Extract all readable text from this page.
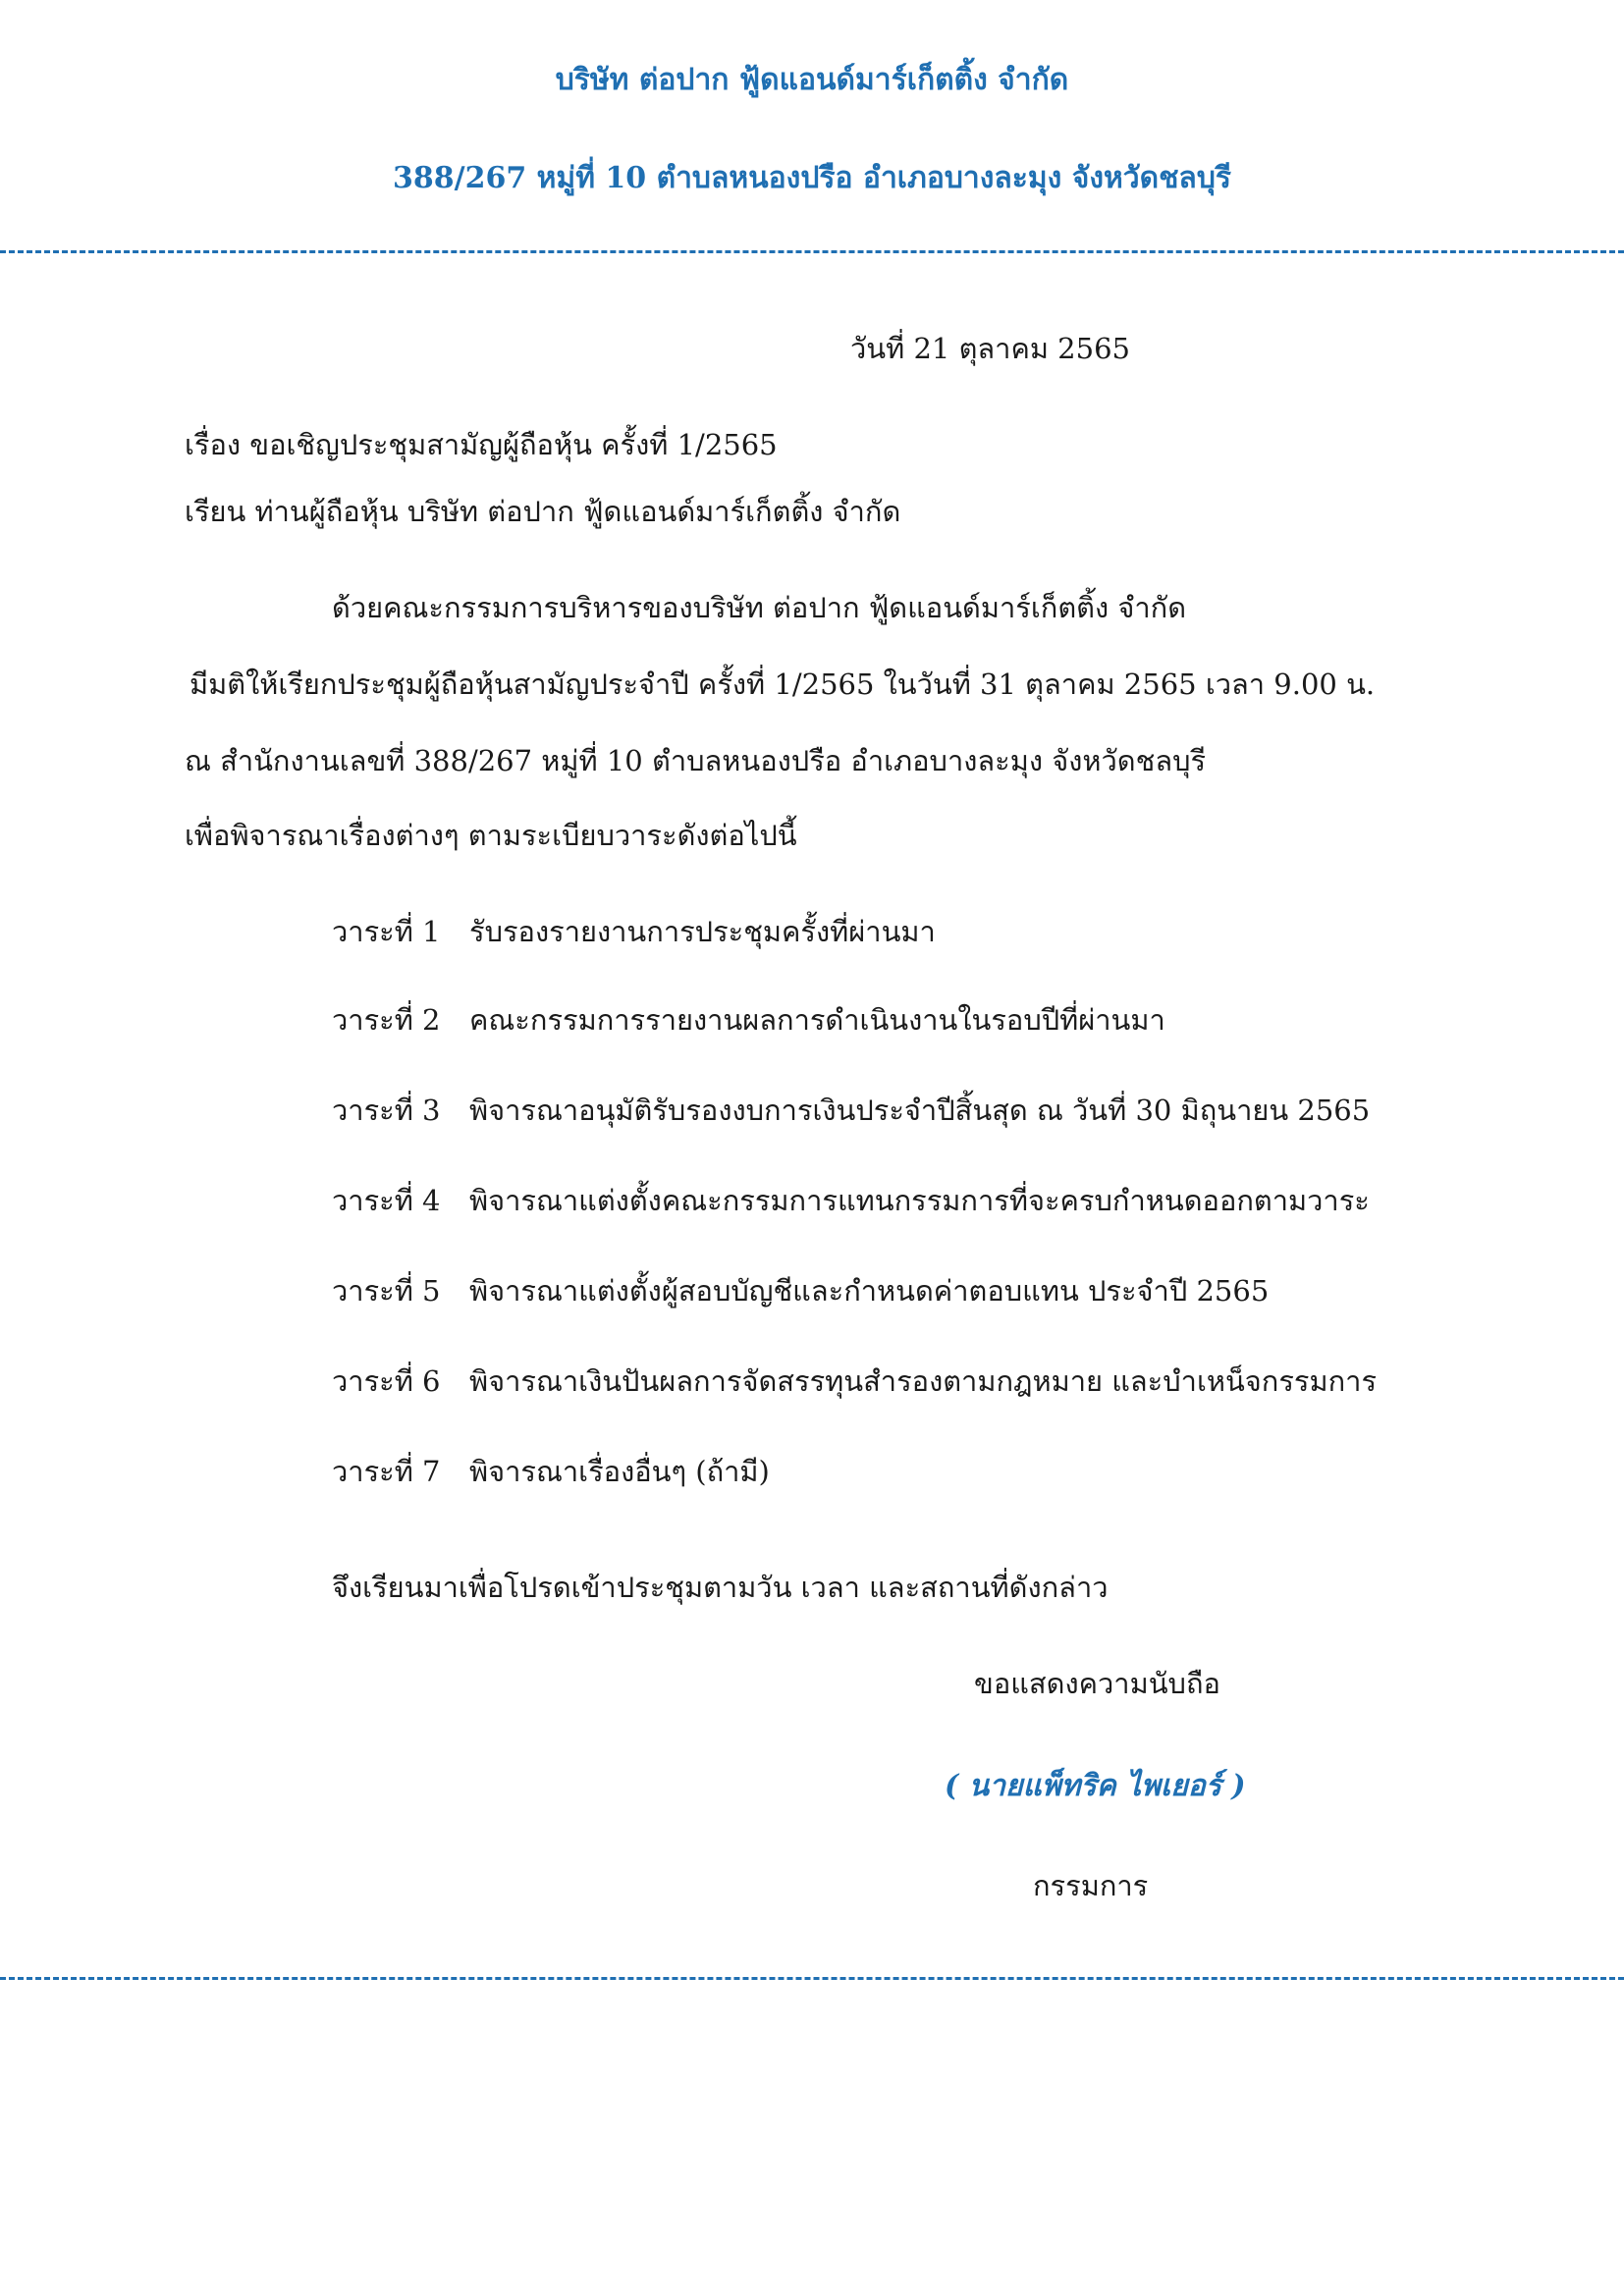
บริษัท ต่อปาก ฟู้ดแอนด์มาร์เก็ตติ้ง จำกัด
388/267 หมู่ที่ 10 ตำบลหนองปรือ อำเภอบางละมุง จังหวัดชลบุรี
วันที่ 21 ตุลาคม 2565
เรื่อง ขอเชิญประชุมสามัญผู้ถือหุ้น ครั้งที่ 1/2565
เรียน ท่านผู้ถือหุ้น บริษัท ต่อปาก ฟู้ดแอนด์มาร์เก็ตติ้ง จำกัด
ด้วยคณะกรรมการบริหารของบริษัท ต่อปาก ฟู้ดแอนด์มาร์เก็ตติ้ง จำกัด
มีมติให้เรียกประชุมผู้ถือหุ้นสามัญประจำปี ครั้งที่ 1/2565 ในวันที่ 31 ตุลาคม 2565 เวลา 9.00 น.
ณ สำนักงานเลขที่ 388/267 หมู่ที่ 10 ตำบลหนองปรือ อำเภอบางละมุง จังหวัดชลบุรี
เพื่อพิจารณาเรื่องต่างๆ ตามระเบียบวาระดังต่อไปนี้
วาระที่ 1 รับรองรายงานการประชุมครั้งที่ผ่านมา
วาระที่ 2 คณะกรรมการรายงานผลการดำเนินงานในรอบปีที่ผ่านมา
วาระที่ 3 พิจารณาอนุมัติรับรองงบการเงินประจำปีสิ้นสุด ณ วันที่ 30 มิถุนายน 2565
วาระที่ 4 พิจารณาแต่งตั้งคณะกรรมการแทนกรรมการที่จะครบกำหนดออกตามวาระ
วาระที่ 5 พิจารณาแต่งตั้งผู้สอบบัญชีและกำหนดค่าตอบแทน ประจำปี 2565
วาระที่ 6 พิจารณาเงินปันผลการจัดสรรทุนสำรองตามกฎหมาย และบำเหน็จกรรมการ
วาระที่ 7 พิจารณาเรื่องอื่นๆ (ถ้ามี)
จึงเรียนมาเพื่อโปรดเข้าประชุมตามวัน เวลา และสถานที่ดังกล่าว
ขอแสดงความนับถือ
( นายแพ็ทริค ไพเยอร์ )
กรรมการ
